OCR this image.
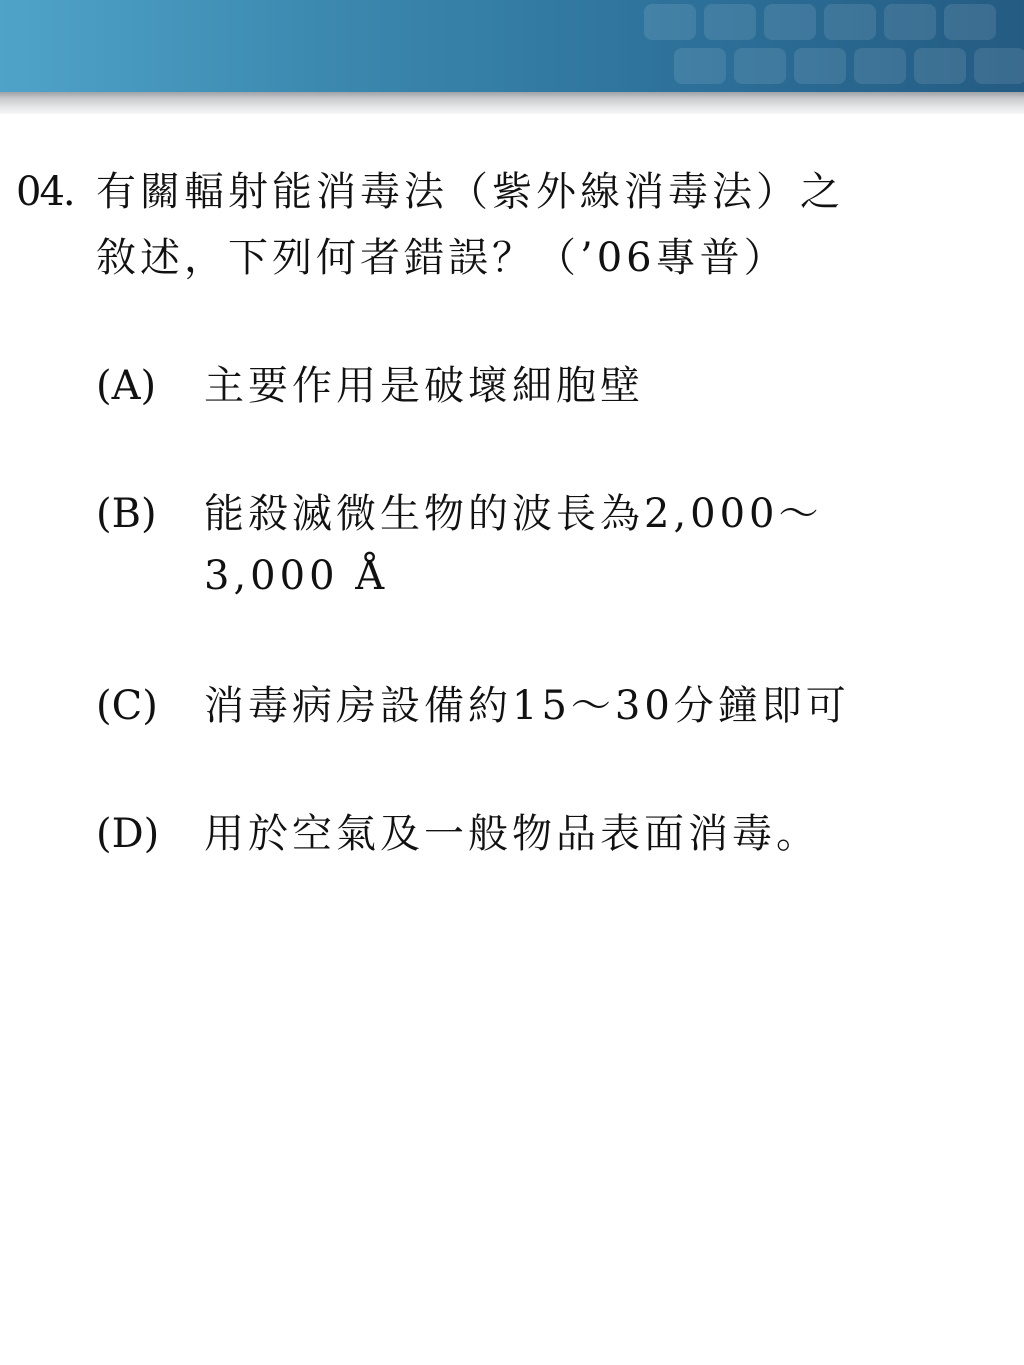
04. 有關輻射能消毒法（紫外線消毒法）之
敘述，下列何者錯誤？（’06專普）
(A) 主要作用是破壞細胞壁
(B) 能殺滅微生物的波長為2,000～
3,000 Å
(C) 消毒病房設備約15～30分鐘即可
(D) 用於空氣及一般物品表面消毒。
